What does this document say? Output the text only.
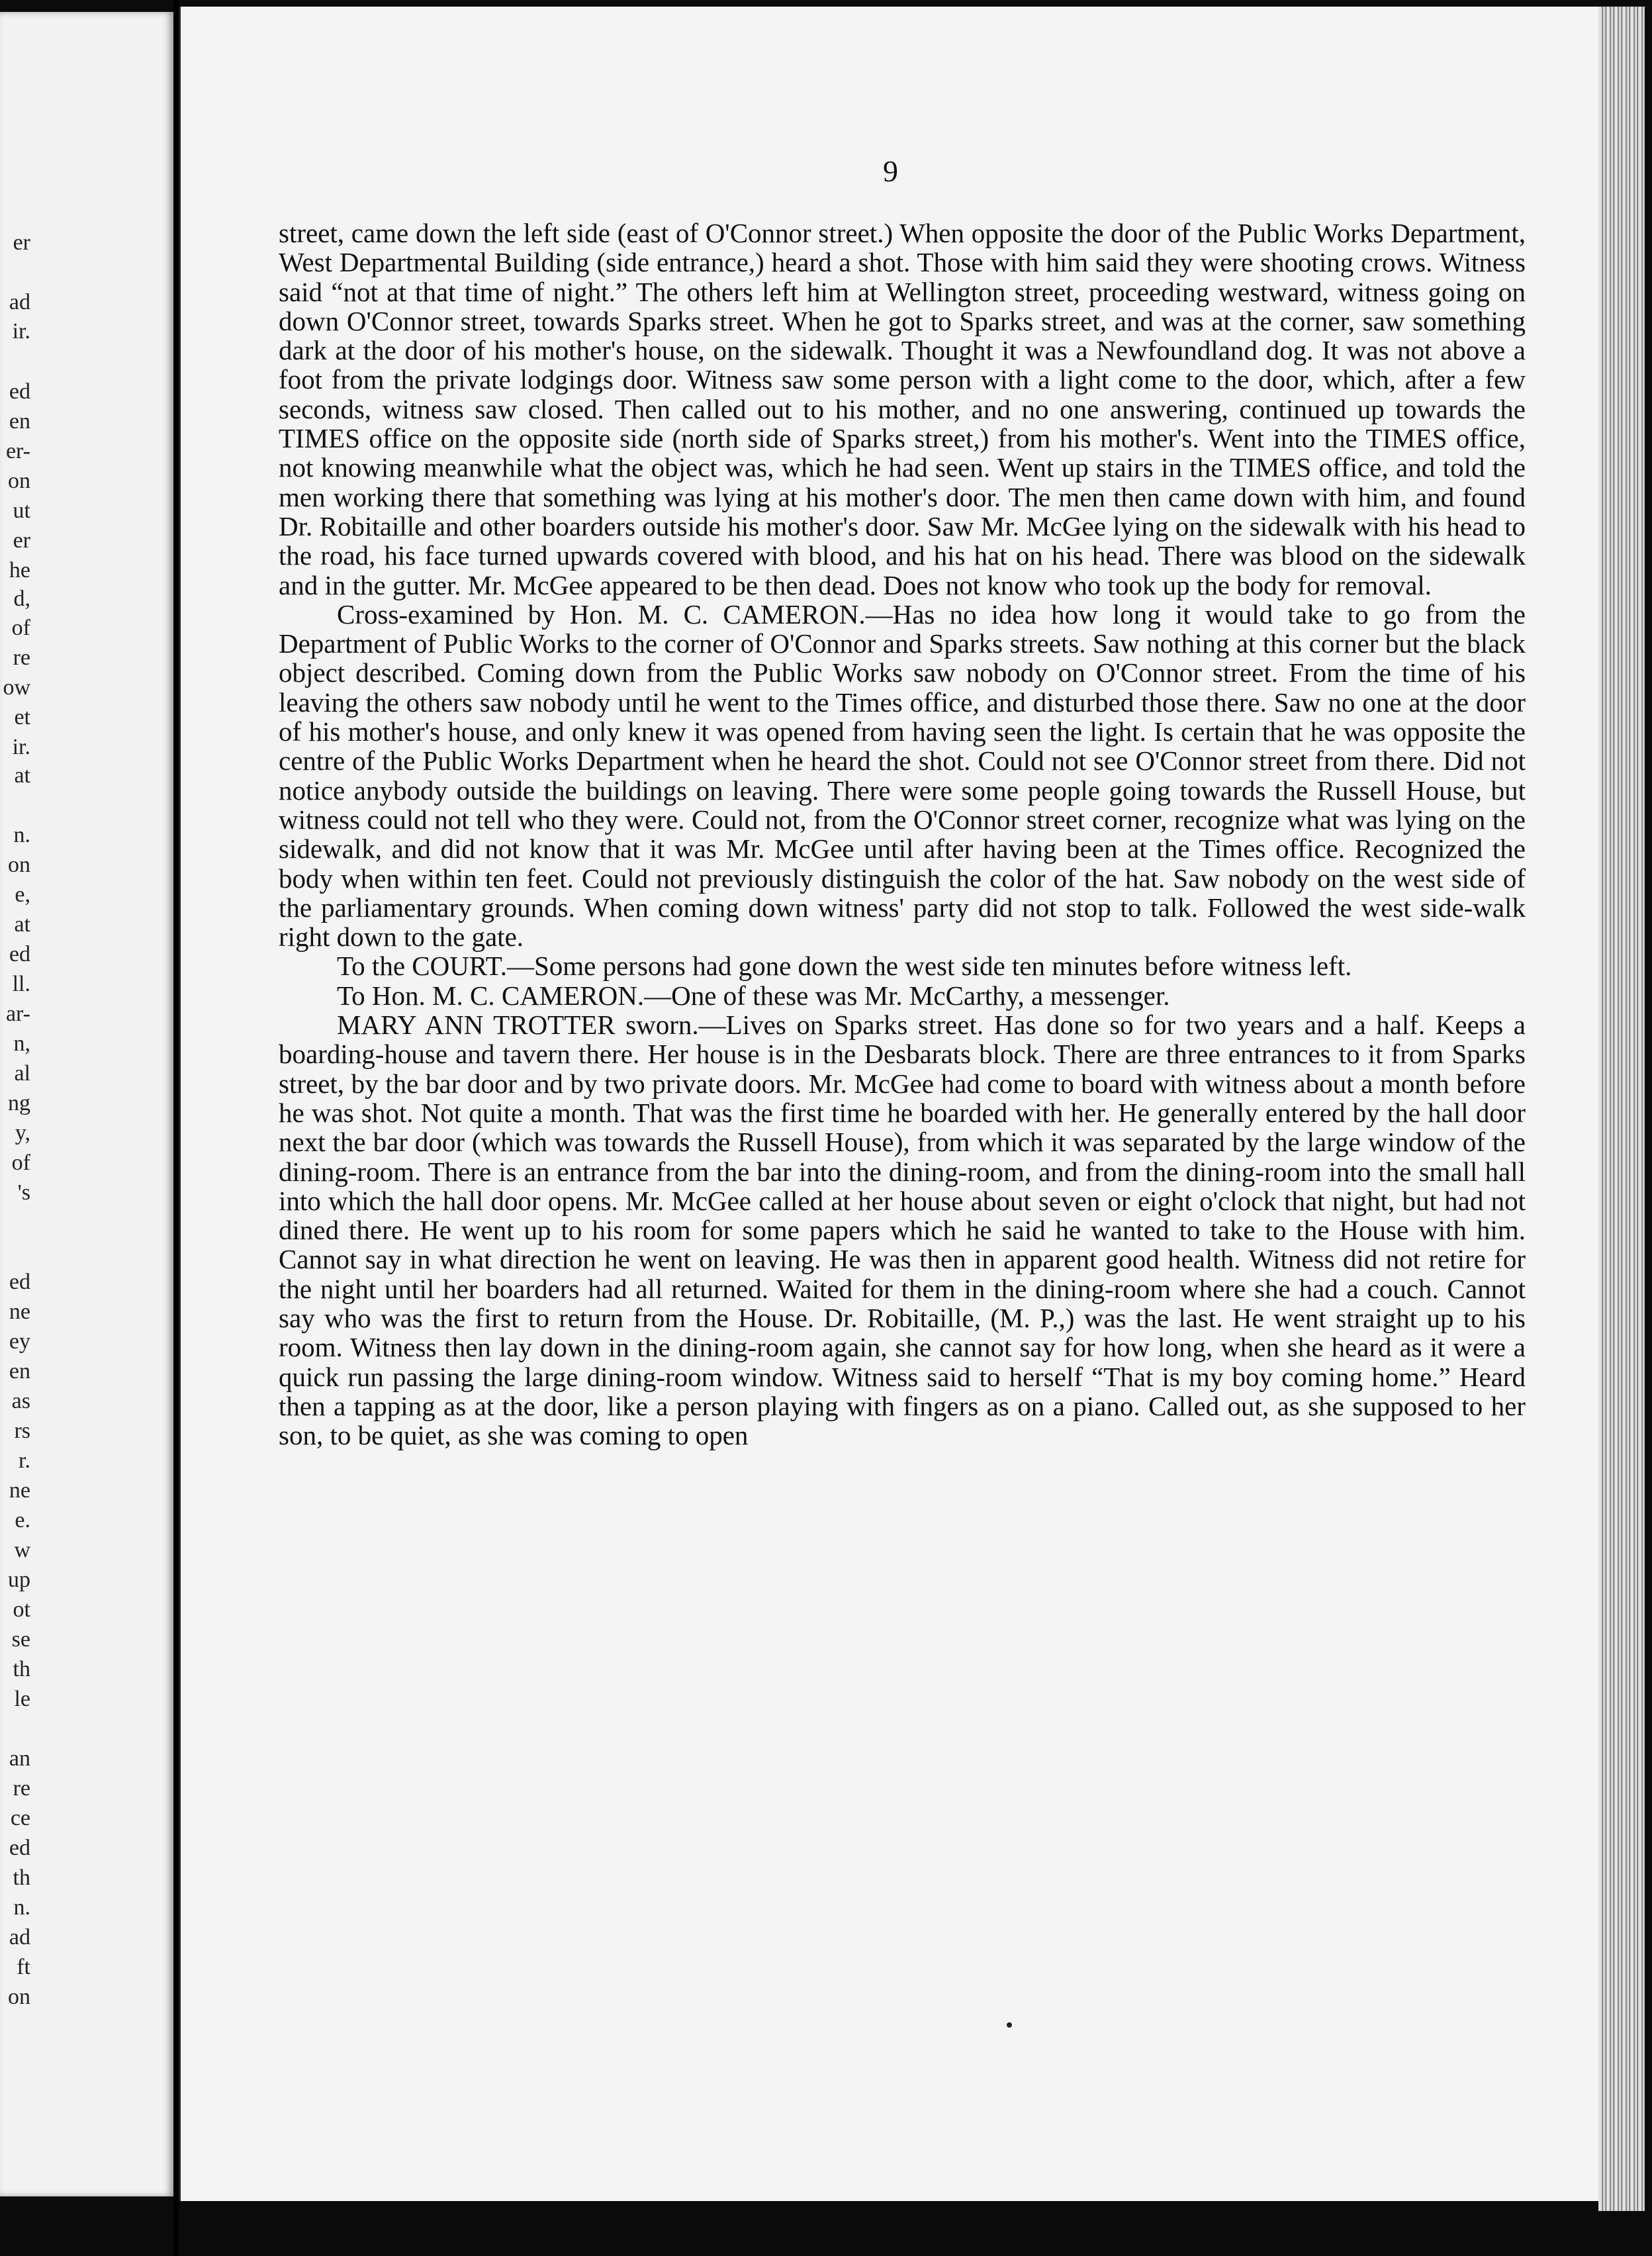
er
ad
ir.
ed
en
er-
on
ut
er
he
d,
of
re
ow
et
ir.
at
n.
on
e,
at
ed
ll.
ar-
n,
al
ng
y,
of
's
ed
ne
ey
en
as
rs
r.
ne
e.
w
up
ot
se
th
le
an
re
ce
ed
th
n.
ad
ft
on
9

street, came down the left side (east of O'Connor street.) When opposite the door of the Public Works Department, West Departmental Building (side entrance,) heard a shot. Those with him said they were shooting crows. Witness said “not at that time of night.” The others left him at Wellington street, proceeding westward, witness going on down O'Connor street, towards Sparks street. When he got to Sparks street, and was at the corner, saw something dark at the door of his mother's house, on the sidewalk. Thought it was a Newfoundland dog. It was not above a foot from the private lodgings door. Witness saw some person with a light come to the door, which, after a few seconds, witness saw closed. Then called out to his mother, and no one answering, continued up towards the TIMES office on the opposite side (north side of Sparks street,) from his mother's. Went into the TIMES office, not knowing meanwhile what the object was, which he had seen. Went up stairs in the TIMES office, and told the men working there that something was lying at his mother's door. The men then came down with him, and found Dr. Robitaille and other boarders outside his mother's door. Saw Mr. McGee lying on the sidewalk with his head to the road, his face turned upwards covered with blood, and his hat on his head. There was blood on the sidewalk and in the gutter. Mr. McGee appeared to be then dead. Does not know who took up the body for removal.

Cross-examined by Hon. M. C. CAMERON.—Has no idea how long it would take to go from the Department of Public Works to the corner of O'Connor and Sparks streets. Saw nothing at this corner but the black object described. Coming down from the Public Works saw nobody on O'Connor street. From the time of his leaving the others saw nobody until he went to the Times office, and disturbed those there. Saw no one at the door of his mother's house, and only knew it was opened from having seen the light. Is certain that he was opposite the centre of the Public Works Department when he heard the shot. Could not see O'Connor street from there. Did not notice anybody outside the buildings on leaving. There were some people going towards the Russell House, but witness could not tell who they were. Could not, from the O'Connor street corner, recognize what was lying on the sidewalk, and did not know that it was Mr. McGee until after having been at the Times office. Recognized the body when within ten feet. Could not previously distinguish the color of the hat. Saw nobody on the west side of the parliamentary grounds. When coming down witness' party did not stop to talk. Followed the west side-walk right down to the gate.

To the COURT.—Some persons had gone down the west side ten minutes before witness left.

To Hon. M. C. CAMERON.—One of these was Mr. McCarthy, a messenger.

MARY ANN TROTTER sworn.—Lives on Sparks street. Has done so for two years and a half. Keeps a boarding-house and tavern there. Her house is in the Desbarats block. There are three entrances to it from Sparks street, by the bar door and by two private doors. Mr. McGee had come to board with witness about a month before he was shot. Not quite a month. That was the first time he boarded with her. He generally entered by the hall door next the bar door (which was towards the Russell House), from which it was separated by the large window of the dining-room. There is an entrance from the bar into the dining-room, and from the dining-room into the small hall into which the hall door opens. Mr. McGee called at her house about seven or eight o'clock that night, but had not dined there. He went up to his room for some papers which he said he wanted to take to the House with him. Cannot say in what direction he went on leaving. He was then in apparent good health. Witness did not retire for the night until her boarders had all returned. Waited for them in the dining-room where she had a couch. Cannot say who was the first to return from the House. Dr. Robitaille, (M. P.,) was the last. He went straight up to his room. Witness then lay down in the dining-room again, she cannot say for how long, when she heard as it were a quick run passing the large dining-room window. Witness said to herself “That is my boy coming home.” Heard then a tapping as at the door, like a person playing with fingers as on a piano. Called out, as she supposed to her son, to be quiet, as she was coming to open
